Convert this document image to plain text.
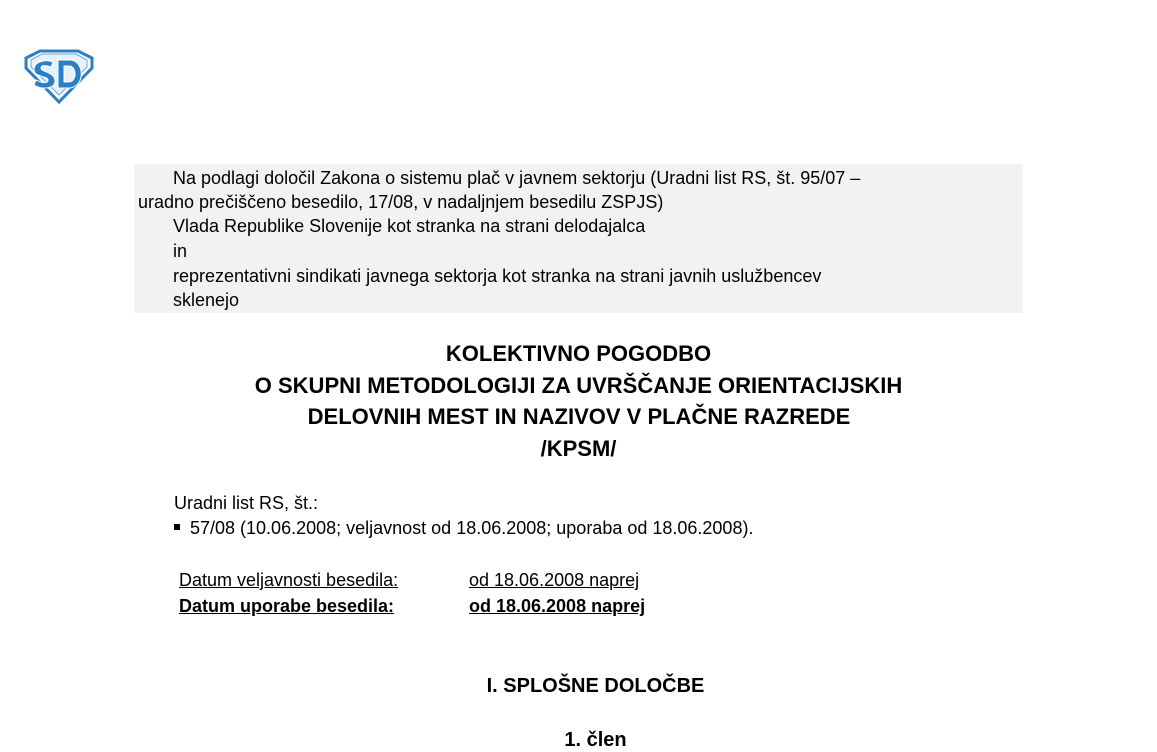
Na podlagi določil Zakona o sistemu plač v javnem sektorju (Uradni list RS, št. 95/07 –
uradno prečiščeno besedilo, 17/08, v nadaljnjem besedilu ZSPJS)
Vlada Republike Slovenije kot stranka na strani delodajalca
in
reprezentativni sindikati javnega sektorja kot stranka na strani javnih uslužbencev
sklenejo
KOLEKTIVNO POGODBO
O SKUPNI METODOLOGIJI ZA UVRŠČANJE ORIENTACIJSKIH
DELOVNIH MEST IN NAZIVOV V PLAČNE RAZREDE
/KPSM/
Uradni list RS, št.:
57/08 (10.06.2008; veljavnost od 18.06.2008; uporaba od 18.06.2008).
Datum veljavnosti besedila:	od 18.06.2008 naprej
Datum uporabe besedila:	od 18.06.2008 naprej
I. SPLOŠNE DOLOČBE
1. člen
